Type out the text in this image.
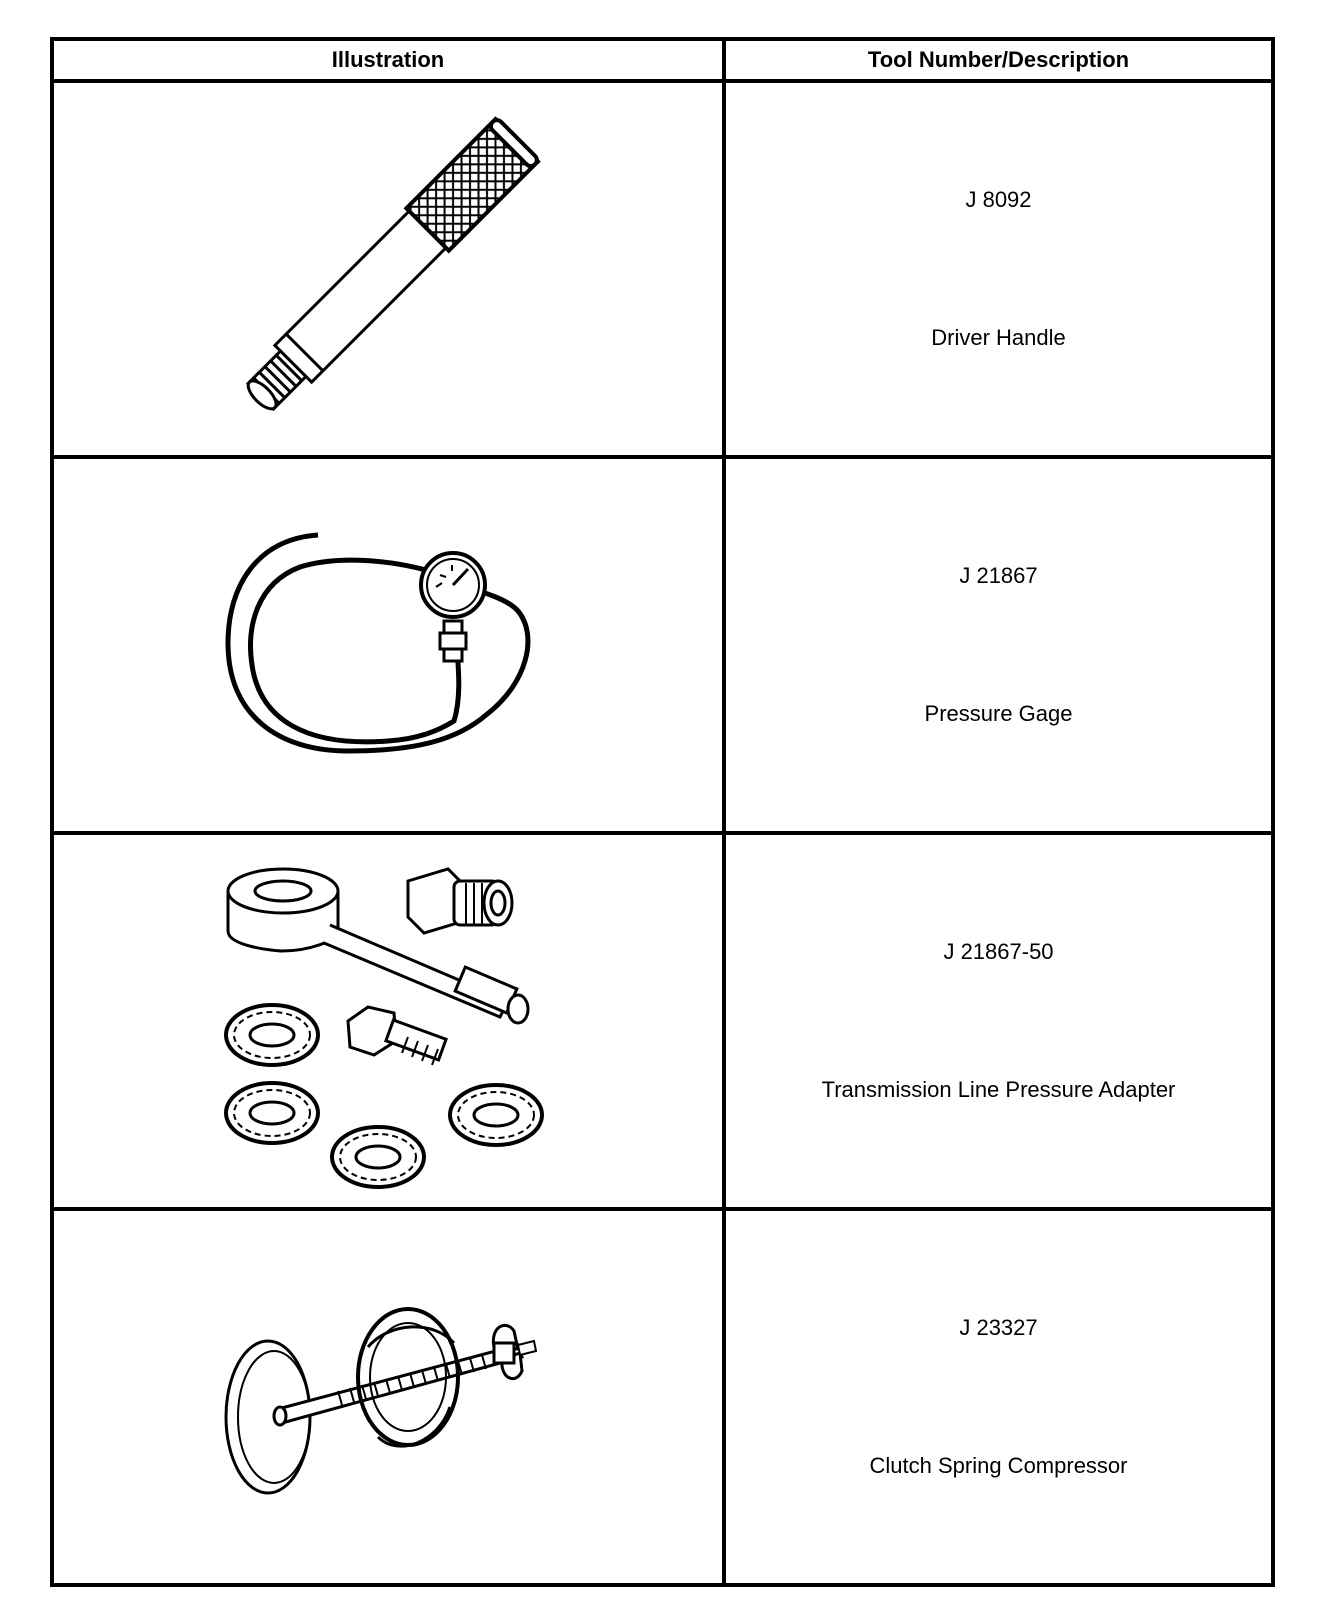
Illustration	Tool Number/Description

J 8092
Driver Handle

J 21867
Pressure Gage

J 21867-50
Transmission Line Pressure Adapter

J 23327
Clutch Spring Compressor
